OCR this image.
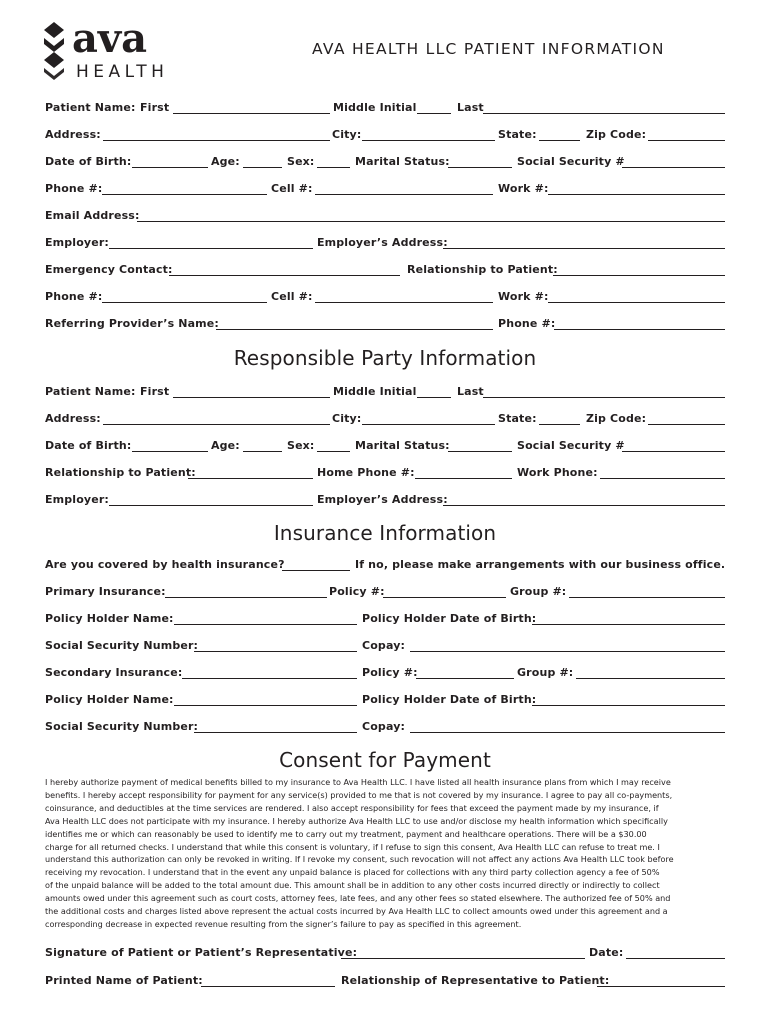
ava
HEALTH
AVA HEALTH LLC PATIENT INFORMATION
Patient Name: First	Middle Initial	Last
Address:	City:	State:	Zip Code:
Date of Birth:	Age:	Sex:	Marital Status:	Social Security #
Phone #:	Cell #:	Work #:
Email Address:
Employer:	Employer’s Address:
Emergency Contact:	Relationship to Patient:
Phone #:	Cell #:	Work #:
Referring Provider’s Name:	Phone #:
Responsible Party Information
Patient Name: First	Middle Initial	Last
Address:	City:	State:	Zip Code:
Date of Birth:	Age:	Sex:	Marital Status:	Social Security #
Relationship to Patient:	Home Phone #:	Work Phone:
Employer:	Employer’s Address:
Insurance Information
Are you covered by health insurance?	If no, please make arrangements with our business office.
Primary Insurance:	Policy #:	Group #:
Policy Holder Name:	Policy Holder Date of Birth:
Social Security Number:	Copay:
Secondary Insurance:	Policy #:	Group #:
Policy Holder Name:	Policy Holder Date of Birth:
Social Security Number:	Copay:
Consent for Payment
I hereby authorize payment of medical benefits billed to my insurance to Ava Health LLC. I have listed all health insurance plans from which I may receive
benefits. I hereby accept responsibility for payment for any service(s) provided to me that is not covered by my insurance. I agree to pay all co-payments,
coinsurance, and deductibles at the time services are rendered. I also accept responsibility for fees that exceed the payment made by my insurance, if
Ava Health LLC does not participate with my insurance. I hereby authorize Ava Health LLC to use and/or disclose my health information which specifically
identifies me or which can reasonably be used to identify me to carry out my treatment, payment and healthcare operations. There will be a $30.00
charge for all returned checks. I understand that while this consent is voluntary, if I refuse to sign this consent, Ava Health LLC can refuse to treat me. I
understand this authorization can only be revoked in writing. If I revoke my consent, such revocation will not affect any actions Ava Health LLC took before
receiving my revocation. I understand that in the event any unpaid balance is placed for collections with any third party collection agency a fee of 50%
of the unpaid balance will be added to the total amount due. This amount shall be in addition to any other costs incurred directly or indirectly to collect
amounts owed under this agreement such as court costs, attorney fees, late fees, and any other fees so stated elsewhere. The authorized fee of 50% and
the additional costs and charges listed above represent the actual costs incurred by Ava Health LLC to collect amounts owed under this agreement and a
corresponding decrease in expected revenue resulting from the signer’s failure to pay as specified in this agreement.
Signature of Patient or Patient’s Representative:	Date:
Printed Name of Patient:	Relationship of Representative to Patient:
